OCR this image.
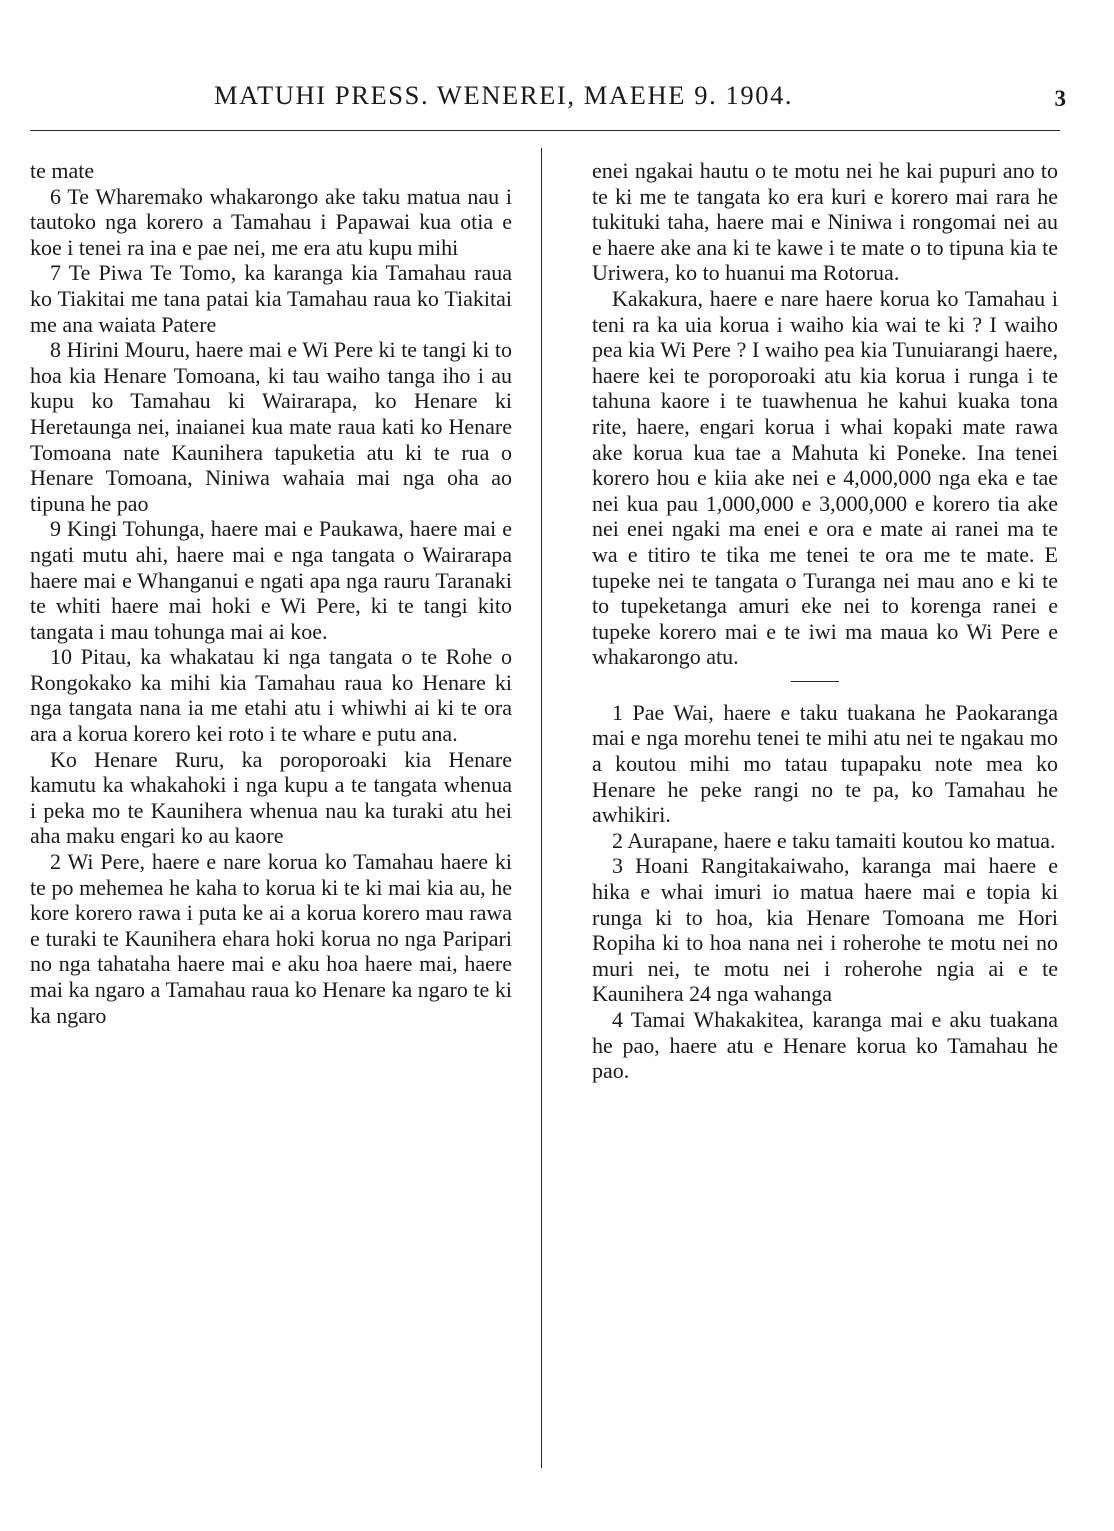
MATUHI PRESS. WENEREI, MAEHE 9. 1904.	3

te mate

6 Te Wharemako whakarongo ake taku matua nau i tautoko nga korero a Tamahau i Papawai kua otia e koe i tenei ra ina e pae nei, me era atu kupu mihi

7 Te Piwa Te Tomo, ka karanga kia Tamahau raua ko Tiakitai me tana patai kia Tamahau raua ko Tiakitai me ana waiata Patere

8 Hirini Mouru, haere mai e Wi Pere ki te tangi ki to hoa kia Henare Tomoana, ki tau waiho tanga iho i au kupu ko Tamahau ki Wairarapa, ko Henare ki Heretaunga nei, inaianei kua mate raua kati ko Henare Tomoana nate Kaunihera tapuketia atu ki te rua o Henare Tomoana, Niniwa wahaia mai nga oha ao tipuna he pao

9 Kingi Tohunga, haere mai e Paukawa, haere mai e ngati mutu ahi, haere mai e nga tangata o Wairarapa haere mai e Whanganui e ngati apa nga rauru Taranaki te whiti haere mai hoki e Wi Pere, ki te tangi kito tangata i mau tohunga mai ai koe.

10 Pitau, ka whakatau ki nga tangata o te Rohe o Rongokako ka mihi kia Tamahau raua ko Henare ki nga tangata nana ia me etahi atu i whiwhi ai ki te ora ara a korua korero kei roto i te whare e putu ana.

Ko Henare Ruru, ka poroporoaki kia Henare kamutu ka whakahoki i nga kupu a te tangata whenua i peka mo te Kaunihera whenua nau ka turaki atu hei aha maku engari ko au kaore

2 Wi Pere, haere e nare korua ko Tamahau haere ki te po mehemea he kaha to korua ki te ki mai kia au, he kore korero rawa i puta ke ai a korua korero mau rawa e turaki te Kaunihera ehara hoki korua no nga Paripari no nga tahataha haere mai e aku hoa haere mai, haere mai ka ngaro a Tamahau raua ko Henare ka ngaro te ki ka ngaro

enei ngakai hautu o te motu nei he kai pupuri ano to te ki me te tangata ko era kuri e korero mai rara he tukituki taha, haere mai e Niniwa i rongomai nei au e haere ake ana ki te kawe i te mate o to tipuna kia te Uriwera, ko to huanui ma Rotorua.

Kakakura, haere e nare haere korua ko Tamahau i teni ra ka uia korua i waiho kia wai te ki ? I waiho pea kia Wi Pere ? I waiho pea kia Tunuiarangi haere, haere kei te poroporoaki atu kia korua i runga i te tahuna kaore i te tuawhenua he kahui kuaka tona rite, haere, engari korua i whai kopaki mate rawa ake korua kua tae a Mahuta ki Poneke. Ina tenei korero hou e kiia ake nei e 4,000,000 nga eka e tae nei kua pau 1,000,000 e 3,000,000 e korero tia ake nei enei ngaki ma enei e ora e mate ai ranei ma te wa e titiro te tika me tenei te ora me te mate. E tupeke nei te tangata o Turanga nei mau ano e ki te to tupeketanga amuri eke nei to korenga ranei e tupeke korero mai e te iwi ma maua ko Wi Pere e whakarongo atu.

1 Pae Wai, haere e taku tuakana he Paokaranga mai e nga morehu tenei te mihi atu nei te ngakau mo a koutou mihi mo tatau tupapaku note mea ko Henare he peke rangi no te pa, ko Tamahau he awhikiri.

2 Aurapane, haere e taku tamaiti koutou ko matua.

3 Hoani Rangitakaiwaho, karanga mai haere e hika e whai imuri io matua haere mai e topia ki runga ki to hoa, kia Henare Tomoana me Hori Ropiha ki to hoa nana nei i roherohe te motu nei no muri nei, te motu nei i roherohe ngia ai e te Kaunihera 24 nga wahanga

4 Tamai Whakakitea, karanga mai e aku tuakana he pao, haere atu e Henare korua ko Tamahau he pao.
